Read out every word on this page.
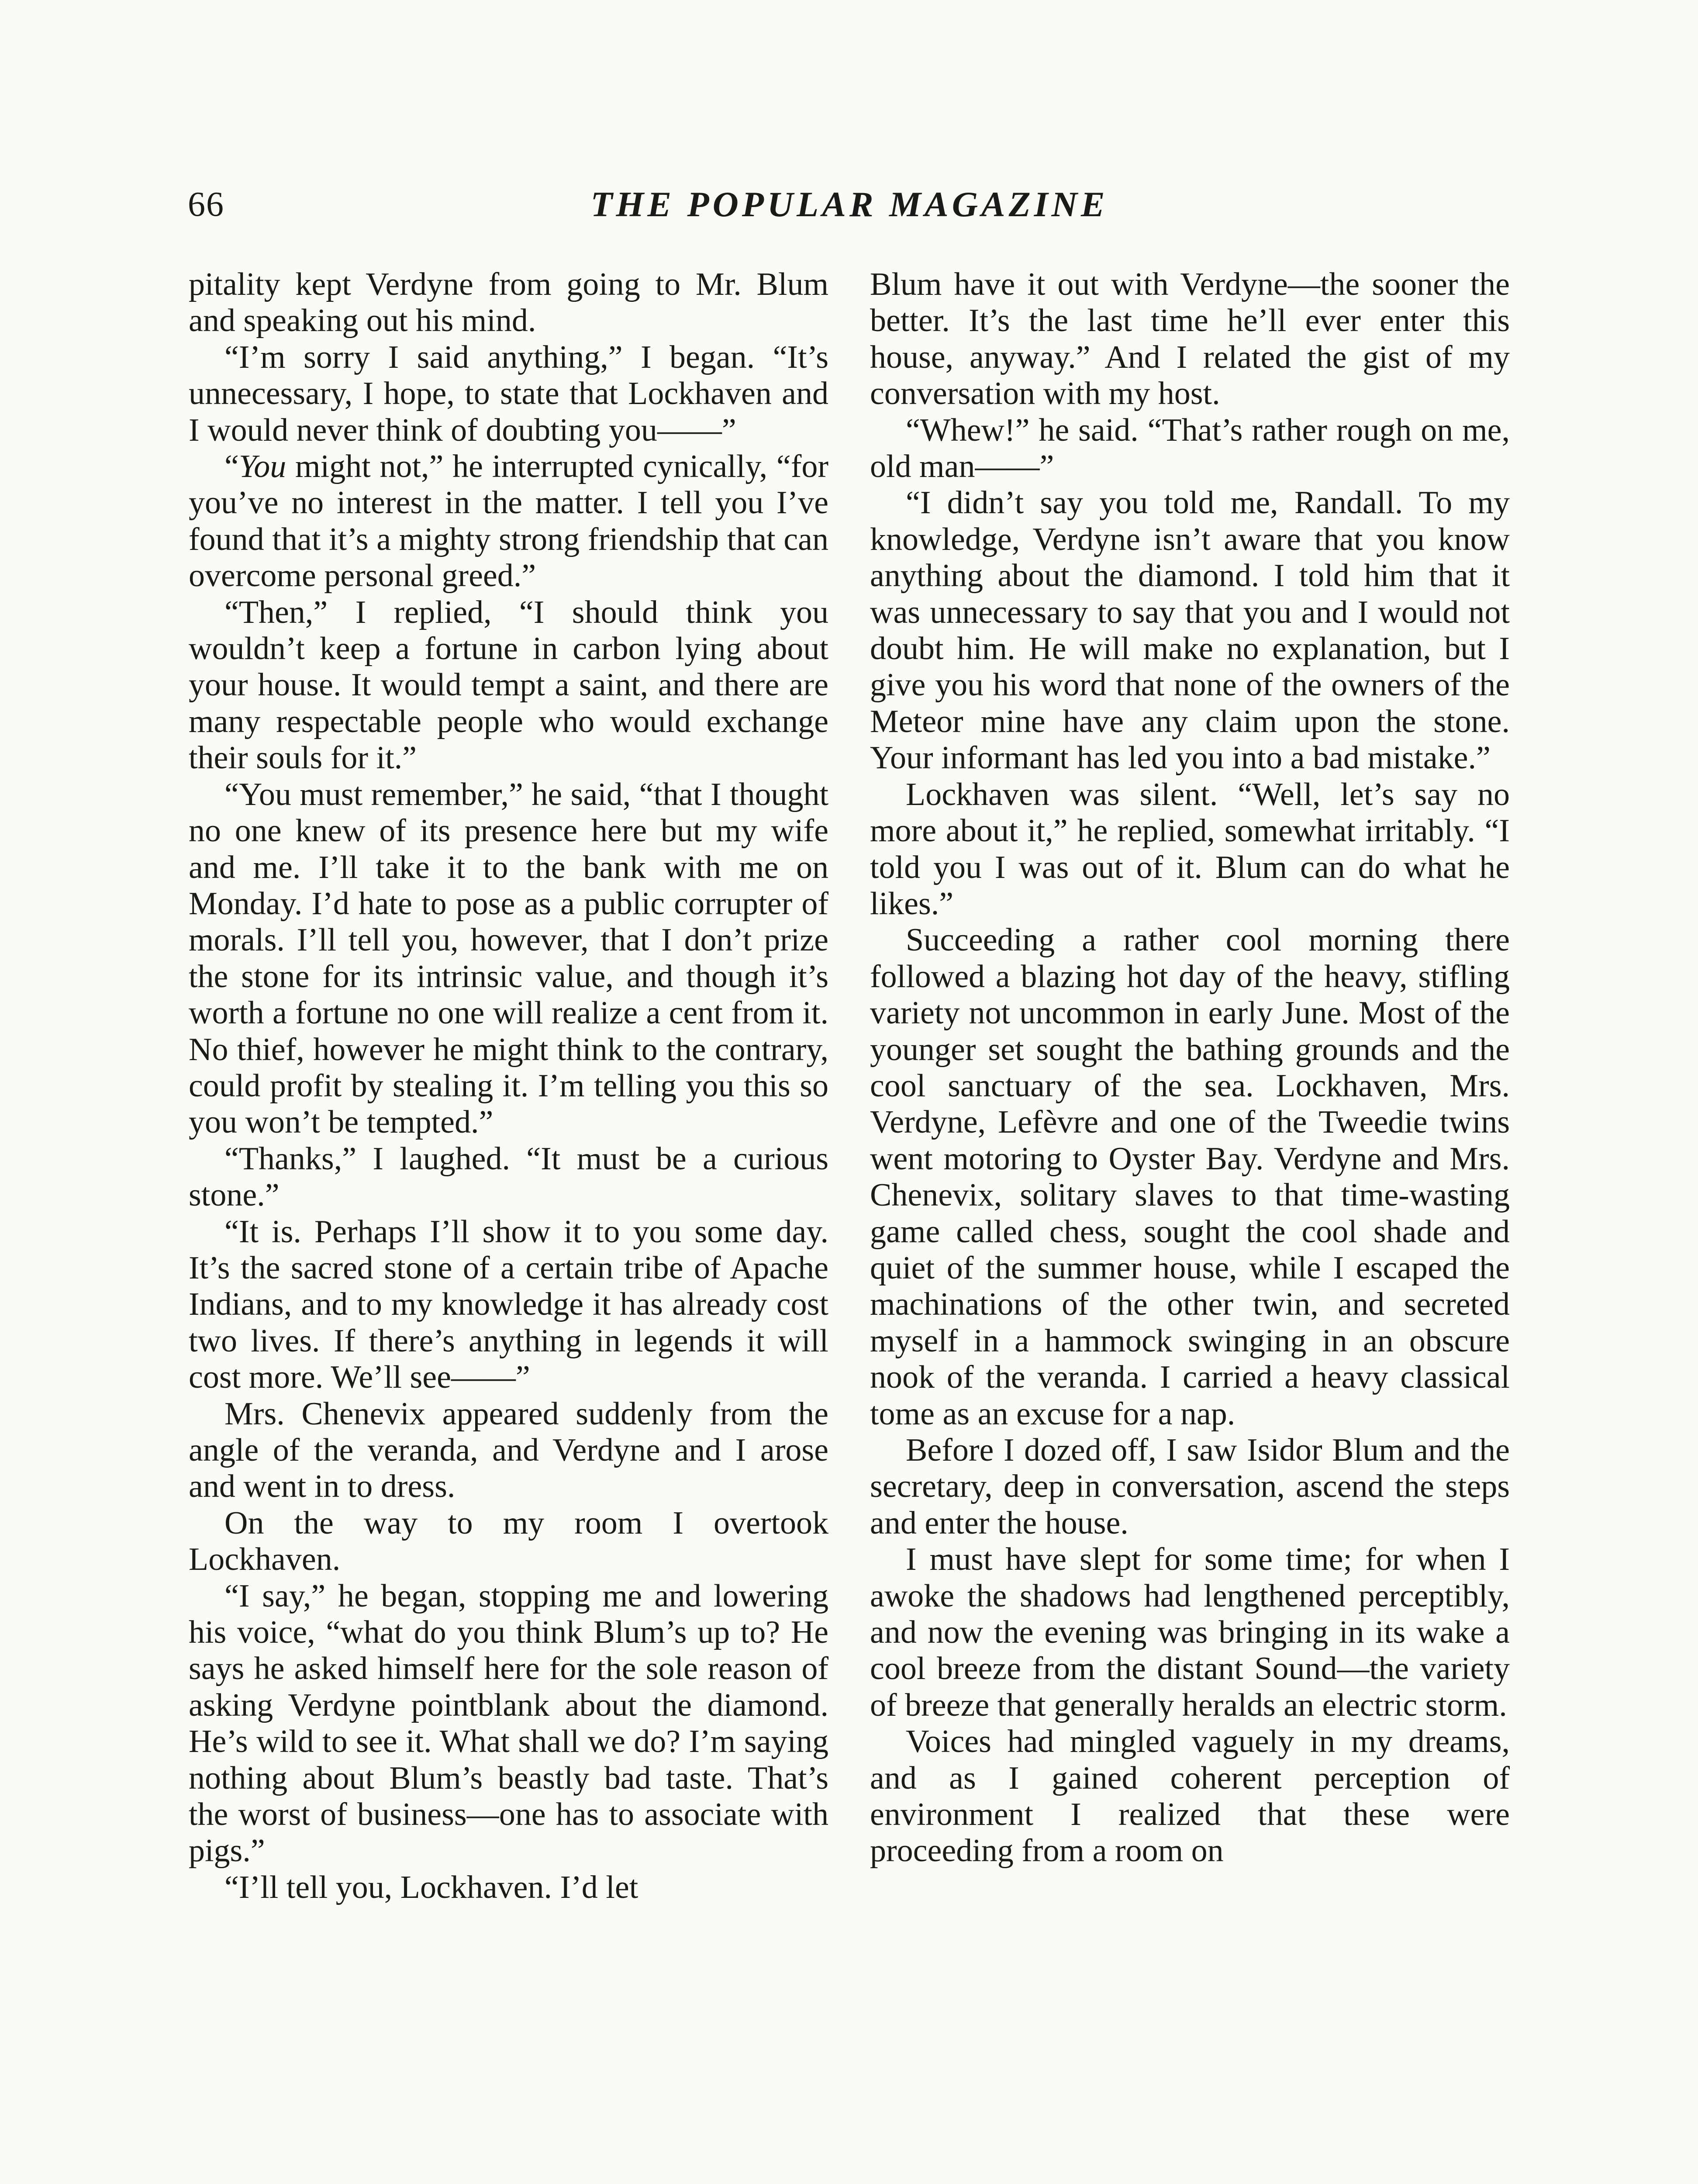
66	THE POPULAR MAGAZINE

pitality kept Verdyne from going to Mr. Blum and speaking out his mind.

“I’m sorry I said anything,” I began. “It’s unnecessary, I hope, to state that Lockhaven and I would never think of doubting you——”

“You might not,” he interrupted cynically, “for you’ve no interest in the matter. I tell you I’ve found that it’s a mighty strong friendship that can overcome personal greed.”

“Then,” I replied, “I should think you wouldn’t keep a fortune in carbon lying about your house. It would tempt a saint, and there are many respectable people who would exchange their souls for it.”

“You must remember,” he said, “that I thought no one knew of its presence here but my wife and me. I’ll take it to the bank with me on Monday. I’d hate to pose as a public corrupter of morals. I’ll tell you, however, that I don’t prize the stone for its intrinsic value, and though it’s worth a fortune no one will realize a cent from it. No thief, however he might think to the contrary, could profit by stealing it. I’m telling you this so you won’t be tempted.”

“Thanks,” I laughed. “It must be a curious stone.”

“It is. Perhaps I’ll show it to you some day. It’s the sacred stone of a certain tribe of Apache Indians, and to my knowledge it has already cost two lives. If there’s anything in legends it will cost more. We’ll see——”

Mrs. Chenevix appeared suddenly from the angle of the veranda, and Verdyne and I arose and went in to dress.

On the way to my room I overtook Lockhaven.

“I say,” he began, stopping me and lowering his voice, “what do you think Blum’s up to? He says he asked himself here for the sole reason of asking Verdyne pointblank about the diamond. He’s wild to see it. What shall we do? I’m saying nothing about Blum’s beastly bad taste. That’s the worst of business—one has to associate with pigs.”

“I’ll tell you, Lockhaven. I’d let

Blum have it out with Verdyne—the sooner the better. It’s the last time he’ll ever enter this house, anyway.” And I related the gist of my conversation with my host.

“Whew!” he said. “That’s rather rough on me, old man——”

“I didn’t say you told me, Randall. To my knowledge, Verdyne isn’t aware that you know anything about the diamond. I told him that it was unnecessary to say that you and I would not doubt him. He will make no explanation, but I give you his word that none of the owners of the Meteor mine have any claim upon the stone. Your informant has led you into a bad mistake.”

Lockhaven was silent. “Well, let’s say no more about it,” he replied, somewhat irritably. “I told you I was out of it. Blum can do what he likes.”

Succeeding a rather cool morning there followed a blazing hot day of the heavy, stifling variety not uncommon in early June. Most of the younger set sought the bathing grounds and the cool sanctuary of the sea. Lockhaven, Mrs. Verdyne, Lefèvre and one of the Tweedie twins went motoring to Oyster Bay. Verdyne and Mrs. Chenevix, solitary slaves to that time-wasting game called chess, sought the cool shade and quiet of the summer house, while I escaped the machinations of the other twin, and secreted myself in a hammock swinging in an obscure nook of the veranda. I carried a heavy classical tome as an excuse for a nap.

Before I dozed off, I saw Isidor Blum and the secretary, deep in conversation, ascend the steps and enter the house.

I must have slept for some time; for when I awoke the shadows had lengthened perceptibly, and now the evening was bringing in its wake a cool breeze from the distant Sound—the variety of breeze that generally heralds an electric storm.

Voices had mingled vaguely in my dreams, and as I gained coherent perception of environment I realized that these were proceeding from a room on
